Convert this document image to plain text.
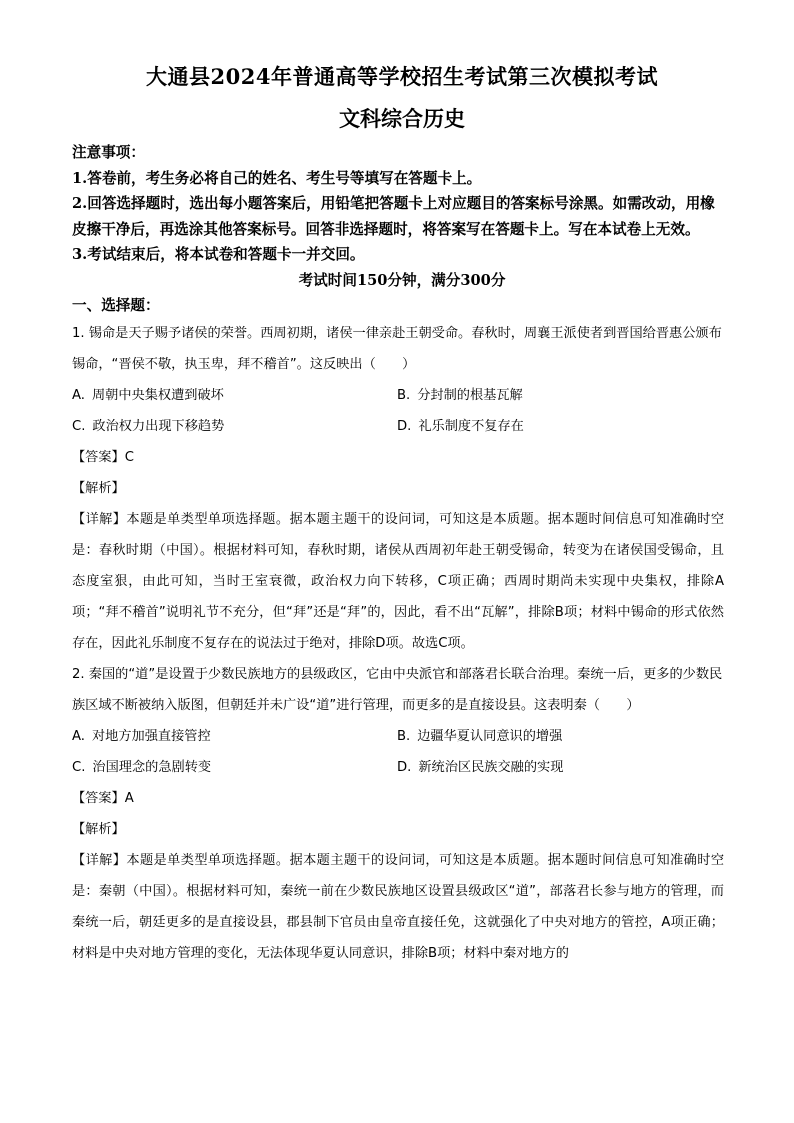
大通县2024年普通高等学校招生考试第三次模拟考试
文科综合历史

注意事项：

1.答卷前，考生务必将自己的姓名、考生号等填写在答题卡上。

2.回答选择题时，选出每小题答案后，用铅笔把答题卡上对应题目的答案标号涂黑。如需改动，用橡皮擦干净后，再选涂其他答案标号。回答非选择题时，将答案写在答题卡上。写在本试卷上无效。

3.考试结束后，将本试卷和答题卡一并交回。

考试时间150分钟，满分300分
一、选择题：

1. 锡命是天子赐予诸侯的荣誉。西周初期，诸侯一律亲赴王朝受命。春秋时，周襄王派使者到晋国给晋惠公颁布锡命，“晋侯不敬，执玉卑，拜不稽首”。这反映出（　　）

A. 周朝中央集权遭到破坏	B. 分封制的根基瓦解
C. 政治权力出现下移趋势	D. 礼乐制度不复存在
【答案】C
【解析】

【详解】本题是单类型单项选择题。据本题主题干的设问词，可知这是本质题。据本题时间信息可知准确时空是：春秋时期（中国）。根据材料可知，春秋时期，诸侯从西周初年赴王朝受锡命，转变为在诸侯国受锡命，且态度室狠，由此可知，当时王室衰微，政治权力向下转移，C项正确；西周时期尚未实现中央集权，排除A项；“拜不稽首”说明礼节不充分，但“拜”还是“拜”的，因此，看不出“瓦解”，排除B项；材料中锡命的形式依然存在，因此礼乐制度不复存在的说法过于绝对，排除D项。故选C项。

2. 秦国的“道”是设置于少数民族地方的县级政区，它由中央派官和部落君长联合治理。秦统一后，更多的少数民族区域不断被纳入版图，但朝廷并未广设“道”进行管理，而更多的是直接设县。这表明秦（　　）

A. 对地方加强直接管控	B. 边疆华夏认同意识的增强
C. 治国理念的急剧转变	D. 新统治区民族交融的实现
【答案】A
【解析】

【详解】本题是单类型单项选择题。据本题主题干的设问词，可知这是本质题。据本题时间信息可知准确时空是：秦朝（中国）。根据材料可知，秦统一前在少数民族地区设置县级政区“道”，部落君长参与地方的管理，而秦统一后，朝廷更多的是直接设县，郡县制下官员由皇帝直接任免，这就强化了中央对地方的管控，A项正确；材料是中央对地方管理的变化，无法体现华夏认同意识，排除B项；材料中秦对地方的
